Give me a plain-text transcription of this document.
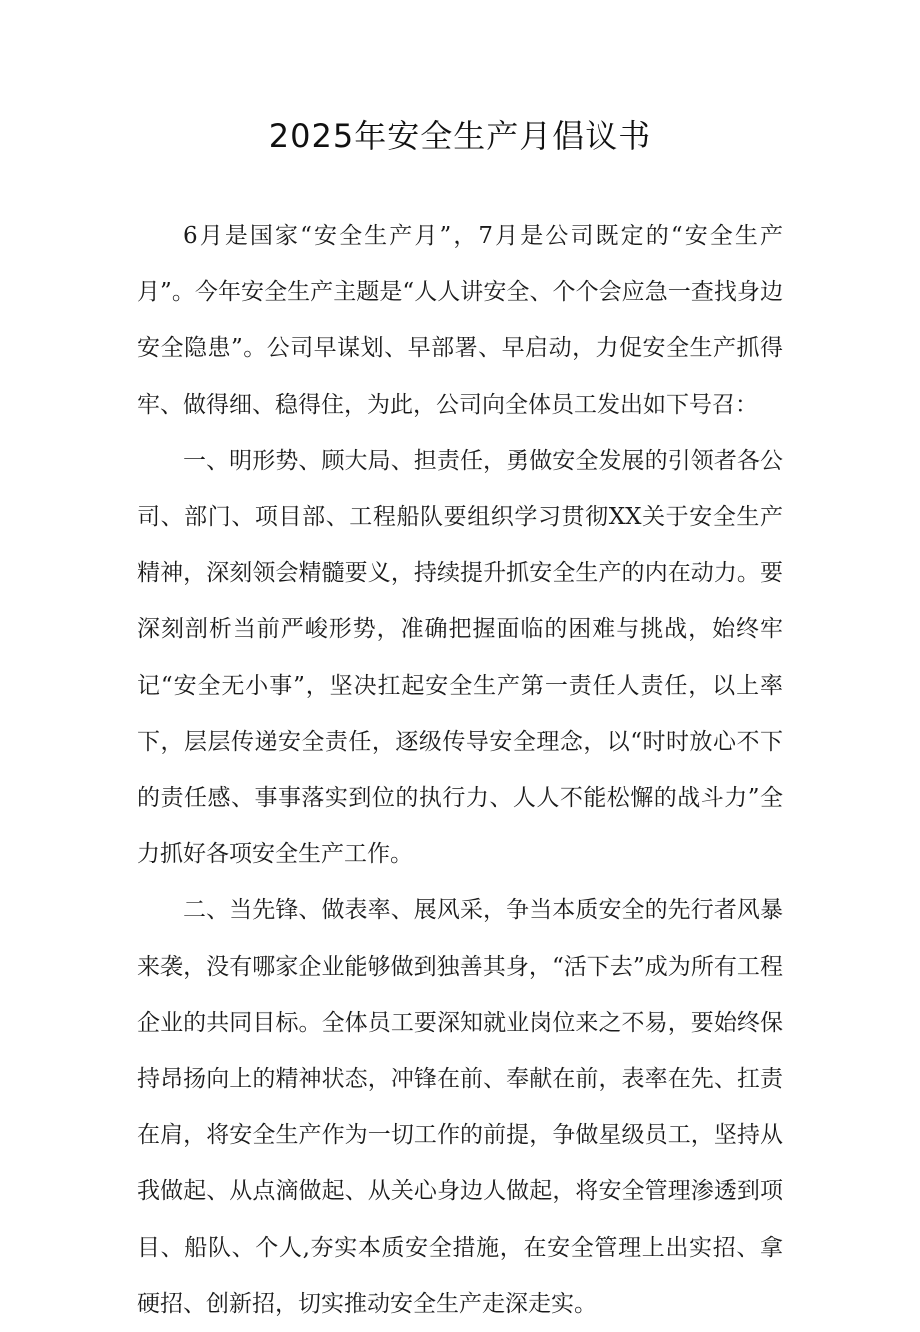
2025年安全生产月倡议书

6月是国家“安全生产月”，7月是公司既定的“安全生产月”。今年安全生产主题是“人人讲安全、个个会应急一查找身边安全隐患”。公司早谋划、早部署、早启动，力促安全生产抓得牢、做得细、稳得住，为此，公司向全体员工发出如下号召：

一、明形势、顾大局、担责任，勇做安全发展的引领者各公司、部门、项目部、工程船队要组织学习贯彻XX关于安全生产精神，深刻领会精髓要义，持续提升抓安全生产的内在动力。要深刻剖析当前严峻形势，准确把握面临的困难与挑战，始终牢记“安全无小事”，坚决扛起安全生产第一责任人责任，以上率下，层层传递安全责任，逐级传导安全理念，以“时时放心不下的责任感、事事落实到位的执行力、人人不能松懈的战斗力”全力抓好各项安全生产工作。

二、当先锋、做表率、展风采，争当本质安全的先行者风暴来袭，没有哪家企业能够做到独善其身，“活下去”成为所有工程企业的共同目标。全体员工要深知就业岗位来之不易，要始终保持昂扬向上的精神状态，冲锋在前、奉献在前，表率在先、扛责在肩，将安全生产作为一切工作的前提，争做星级员工，坚持从我做起、从点滴做起、从关心身边人做起，将安全管理渗透到项目、船队、个人,夯实本质安全措施，在安全管理上出实招、拿硬招、创新招，切实推动安全生产走深走实。
